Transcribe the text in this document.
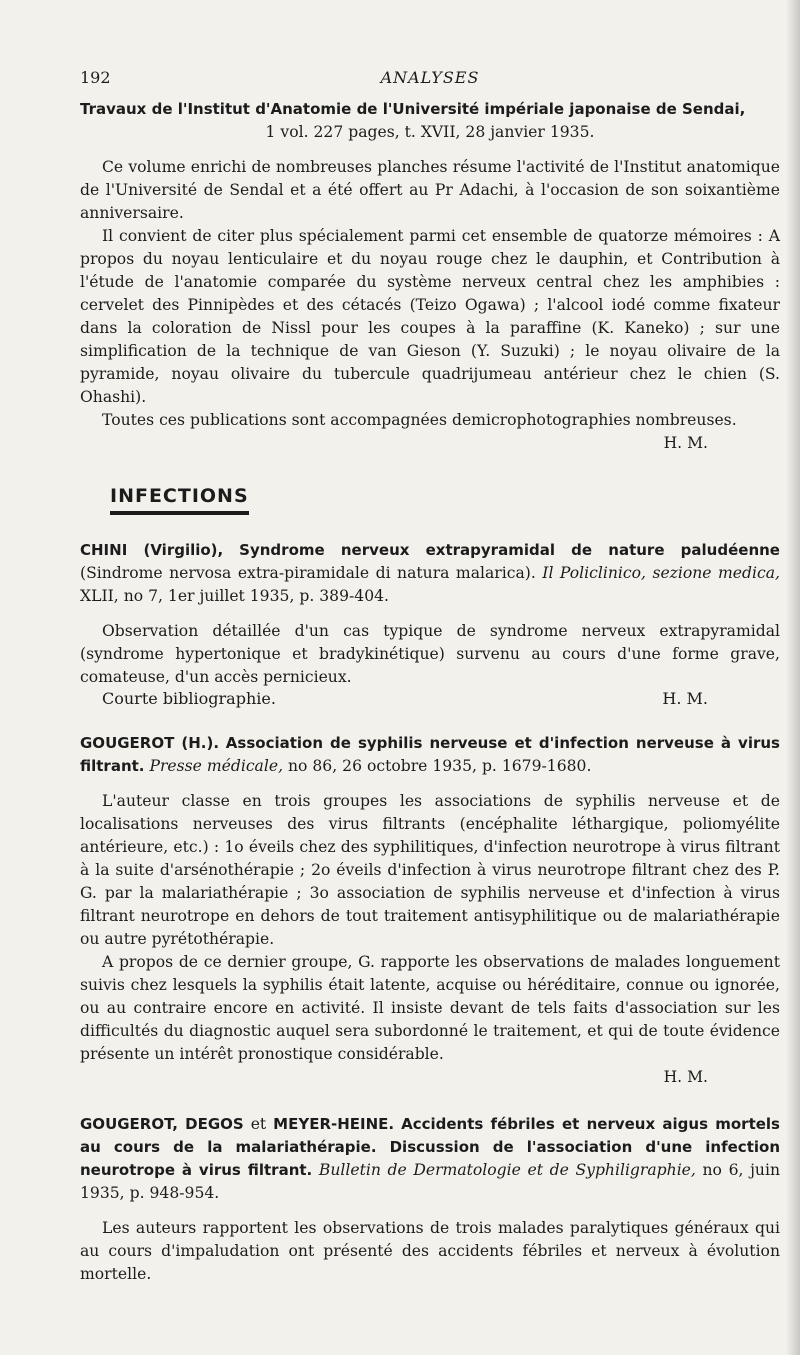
192	ANALYSES
Travaux de l'Institut d'Anatomie de l'Université impériale japonaise de Sendai,

1 vol. 227 pages, t. XVII, 28 janvier 1935.

Ce volume enrichi de nombreuses planches résume l'activité de l'Institut anatomique de l'Université de Sendal et a été offert au Pr Adachi, à l'occasion de son soixantième anniversaire.

Il convient de citer plus spécialement parmi cet ensemble de quatorze mémoires : A propos du noyau lenticulaire et du noyau rouge chez le dauphin, et Contribution à l'étude de l'anatomie comparée du système nerveux central chez les amphibies : cervelet des Pinnipèdes et des cétacés (Teizo Ogawa) ; l'alcool iodé comme fixateur dans la coloration de Nissl pour les coupes à la paraffine (K. Kaneko) ; sur une simplification de la technique de van Gieson (Y. Suzuki) ; le noyau olivaire de la pyramide, noyau olivaire du tubercule quadrijumeau antérieur chez le chien (S. Ohashi).

Toutes ces publications sont accompagnées demicrophotographies nombreuses.

H. M.

INFECTIONS

CHINI (Virgilio), Syndrome nerveux extrapyramidal de nature paludéenne (Sindrome nervosa extra-piramidale di natura malarica). Il Policlinico, sezione medica, XLII, no 7, 1er juillet 1935, p. 389-404.

Observation détaillée d'un cas typique de syndrome nerveux extrapyramidal (syndrome hypertonique et bradykinétique) survenu au cours d'une forme grave, comateuse, d'un accès pernicieux.

Courte bibliographie.	H. M.

GOUGEROT (H.). Association de syphilis nerveuse et d'infection nerveuse à virus filtrant. Presse médicale, no 86, 26 octobre 1935, p. 1679-1680.

L'auteur classe en trois groupes les associations de syphilis nerveuse et de localisations nerveuses des virus filtrants (encéphalite léthargique, poliomyélite antérieure, etc.) : 1o éveils chez des syphilitiques, d'infection neurotrope à virus filtrant à la suite d'arsénothérapie ; 2o éveils d'infection à virus neurotrope filtrant chez des P. G. par la malariathérapie ; 3o association de syphilis nerveuse et d'infection à virus filtrant neurotrope en dehors de tout traitement antisyphilitique ou de malariathérapie ou autre pyrétothérapie.

A propos de ce dernier groupe, G. rapporte les observations de malades longuement suivis chez lesquels la syphilis était latente, acquise ou héréditaire, connue ou ignorée, ou au contraire encore en activité. Il insiste devant de tels faits d'association sur les difficultés du diagnostic auquel sera subordonné le traitement, et qui de toute évidence présente un intérêt pronostique considérable.

H. M.

GOUGEROT, DEGOS et MEYER-HEINE. Accidents fébriles et nerveux aigus mortels au cours de la malariathérapie. Discussion de l'association d'une infection neurotrope à virus filtrant. Bulletin de Dermatologie et de Syphiligraphie, no 6, juin 1935, p. 948-954.

Les auteurs rapportent les observations de trois malades paralytiques généraux qui au cours d'impaludation ont présenté des accidents fébriles et nerveux à évolution mortelle.
